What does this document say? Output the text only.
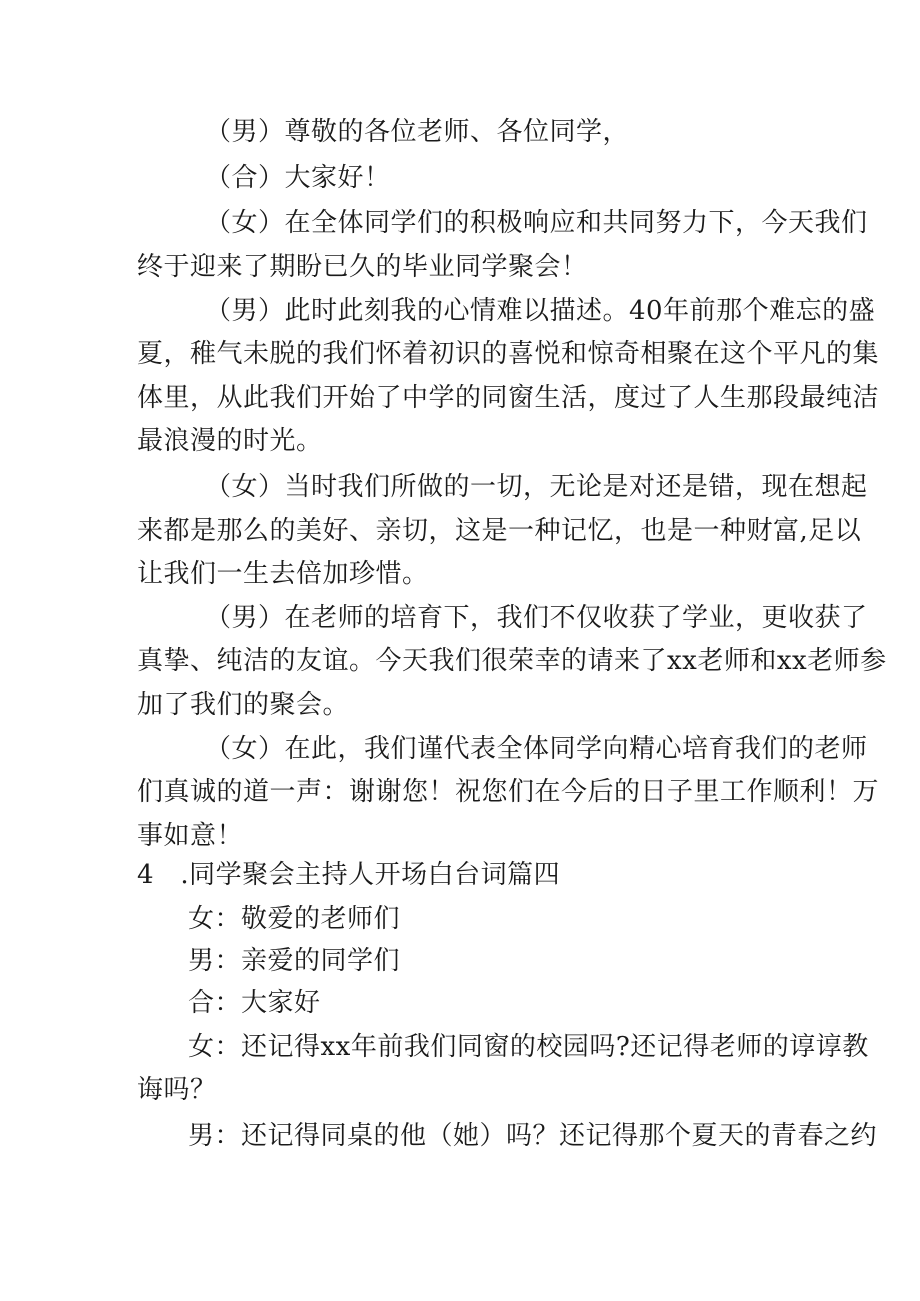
（男）尊敬的各位老师、各位同学，
（合）大家好！
（女）在全体同学们的积极响应和共同努力下，今天我们
终于迎来了期盼已久的毕业同学聚会！
（男）此时此刻我的心情难以描述。40年前那个难忘的盛
夏，稚气未脱的我们怀着初识的喜悦和惊奇相聚在这个平凡的集
体里，从此我们开始了中学的同窗生活，度过了人生那段最纯洁
最浪漫的时光。
（女）当时我们所做的一切，无论是对还是错，现在想起
来都是那么的美好、亲切，这是一种记忆，也是一种财富,足以
让我们一生去倍加珍惜。
（男）在老师的培育下，我们不仅收获了学业，更收获了
真挚、纯洁的友谊。今天我们很荣幸的请来了xx老师和xx老师参
加了我们的聚会。
（女）在此，我们谨代表全体同学向精心培育我们的老师
们真诚的道一声：谢谢您！祝您们在今后的日子里工作顺利！万
事如意！
4   .同学聚会主持人开场白台词篇四
女：敬爱的老师们
男：亲爱的同学们
合：大家好
女：还记得xx年前我们同窗的校园吗?还记得老师的谆谆教
诲吗？
男：还记得同桌的他（她）吗？还记得那个夏天的青春之约
